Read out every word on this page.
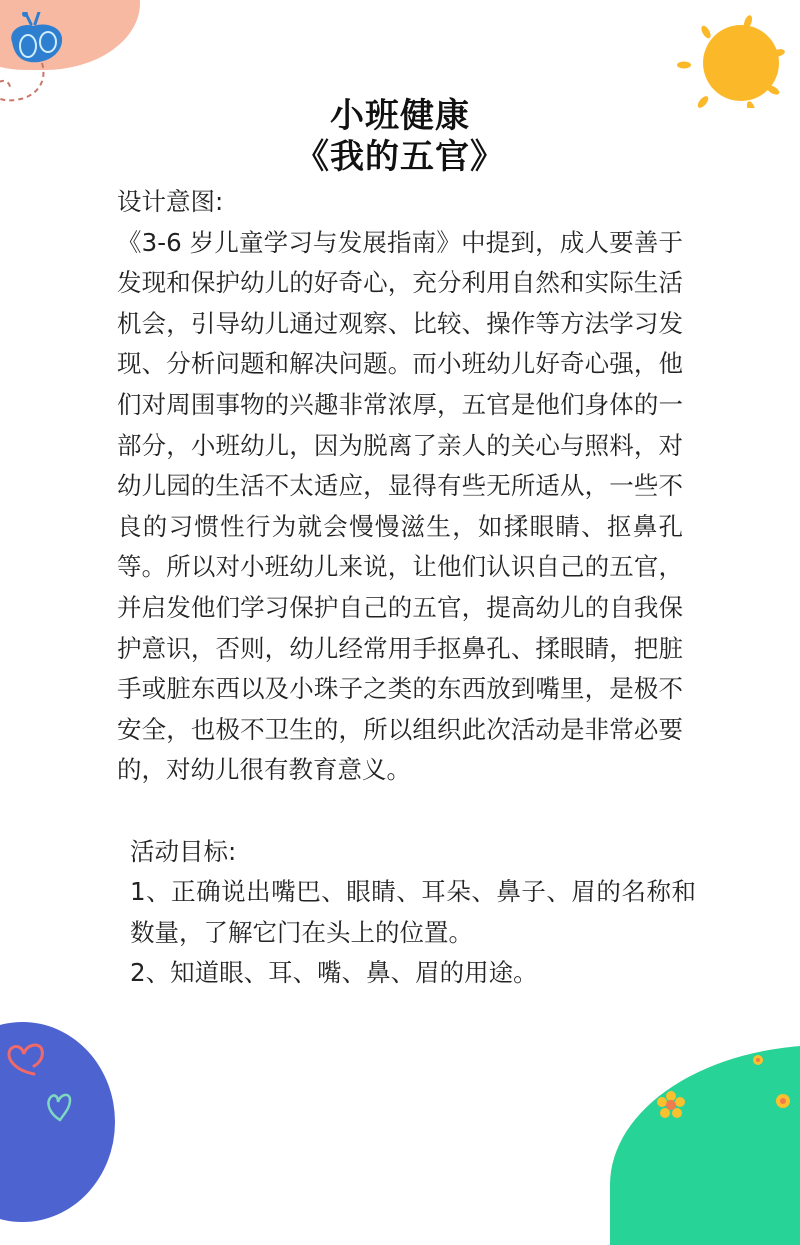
小班健康
《我的五官》
设计意图:
《3-6 岁儿童学习与发展指南》中提到，成人要善于
发现和保护幼儿的好奇心，充分利用自然和实际生活
机会，引导幼儿通过观察、比较、操作等方法学习发
现、分析问题和解决问题。而小班幼儿好奇心强，他
们对周围事物的兴趣非常浓厚，五官是他们身体的一
部分，小班幼儿，因为脱离了亲人的关心与照料，对
幼儿园的生活不太适应，显得有些无所适从，一些不
良的习惯性行为就会慢慢滋生，如揉眼睛、抠鼻孔
等。所以对小班幼儿来说，让他们认识自己的五官，
并启发他们学习保护自己的五官，提高幼儿的自我保
护意识，否则，幼儿经常用手抠鼻孔、揉眼睛，把脏
手或脏东西以及小珠子之类的东西放到嘴里，是极不
安全，也极不卫生的，所以组织此次活动是非常必要
的，对幼儿很有教育意义。
活动目标:
1、正确说出嘴巴、眼睛、耳朵、鼻子、眉的名称和
数量，了解它门在头上的位置。
2、知道眼、耳、嘴、鼻、眉的用途。
